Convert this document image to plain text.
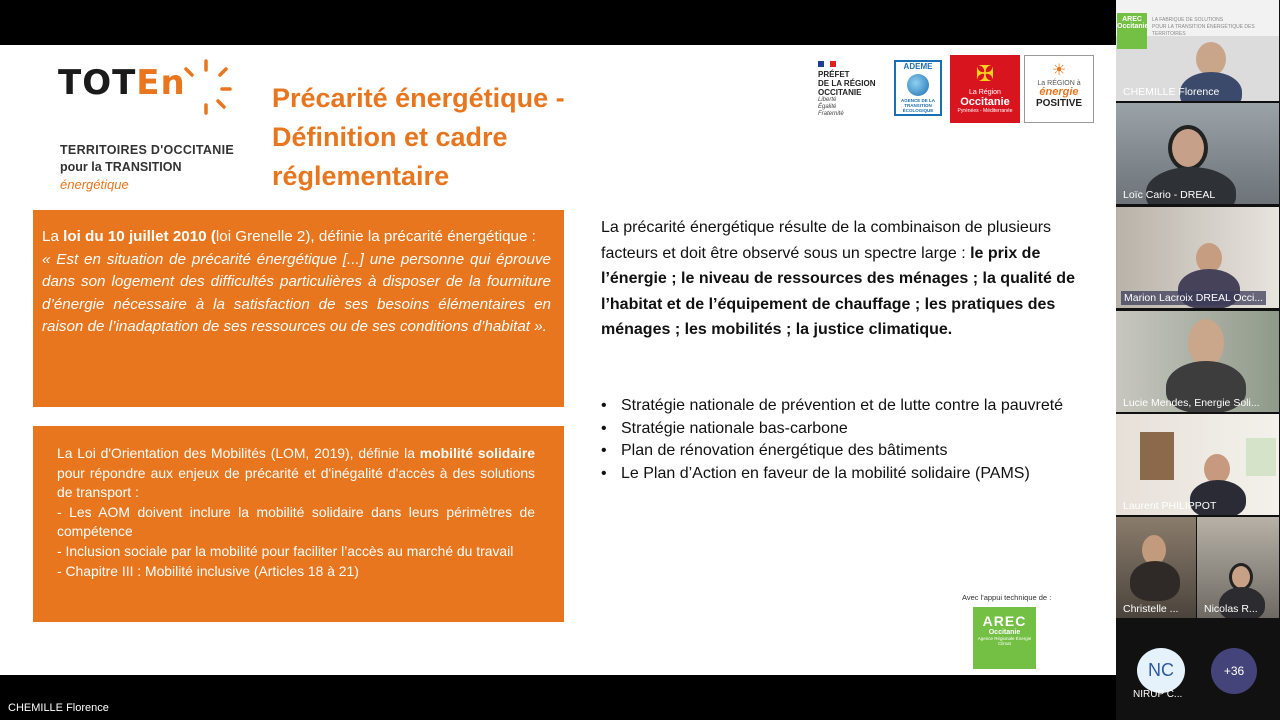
TOTEn
TERRITOIRES D'OCCITANIE
pour la TRANSITION
énergétique
Précarité énergétique -
Définition et cadre
réglementaire
PRÉFET
DE LA RÉGION
OCCITANIE
Liberté
Égalité
Fraternité
ADEME
AGENCE DE LA TRANSITION ÉCOLOGIQUE
✠
La Région
Occitanie
Pyrénées - Méditerranée
☀
La RÉGION à
énergie
POSITIVE
La loi du 10 juillet 2010 (loi Grenelle 2), définie la précarité énergétique :
« Est en situation de précarité énergétique [...] une personne qui éprouve dans son logement des difficultés particulières à disposer de la fourniture d’énergie nécessaire à la satisfaction de ses besoins élémentaires en raison de l’inadaptation de ses ressources ou de ses conditions d’habitat ».
La Loi d'Orientation des Mobilités (LOM, 2019), définie la mobilité solidaire pour répondre aux enjeux de précarité et d'inégalité d'accès à des solutions de transport :
- Les AOM doivent inclure la mobilité solidaire dans leurs périmètres de compétence
- Inclusion sociale par la mobilité pour faciliter l’accès au marché du travail
- Chapitre III : Mobilité inclusive (Articles 18 à 21)
La précarité énergétique résulte de la combinaison de plusieurs facteurs et doit être observé sous un spectre large : le prix de l’énergie ; le niveau de ressources des ménages ; la qualité de l’habitat et de l’équipement de chauffage ; les pratiques des ménages ; les mobilités ; la justice climatique.
• Stratégie nationale de prévention et de lutte contre la pauvreté
• Stratégie nationale bas-carbone
• Plan de rénovation énergétique des bâtiments
• Le Plan d’Action en faveur de la mobilité solidaire (PAMS)
Avec l'appui technique de :
AREC
Occitanie
Agence Régionale Énergie Climat
CHEMILLE Florence
AREC Occitanie
LA FABRIQUE DE SOLUTIONS
POUR LA TRANSITION ÉNERGÉTIQUE DES TERRITOIRES
CHEMILLE Florence
Loïc Cario - DREAL
Marion Lacroix DREAL Occi...
Lucie Mendes, Energie Soli...
Laurent PHILIPPOT
Christelle ... Nicolas R...
NC
NIRUP C...
+36
